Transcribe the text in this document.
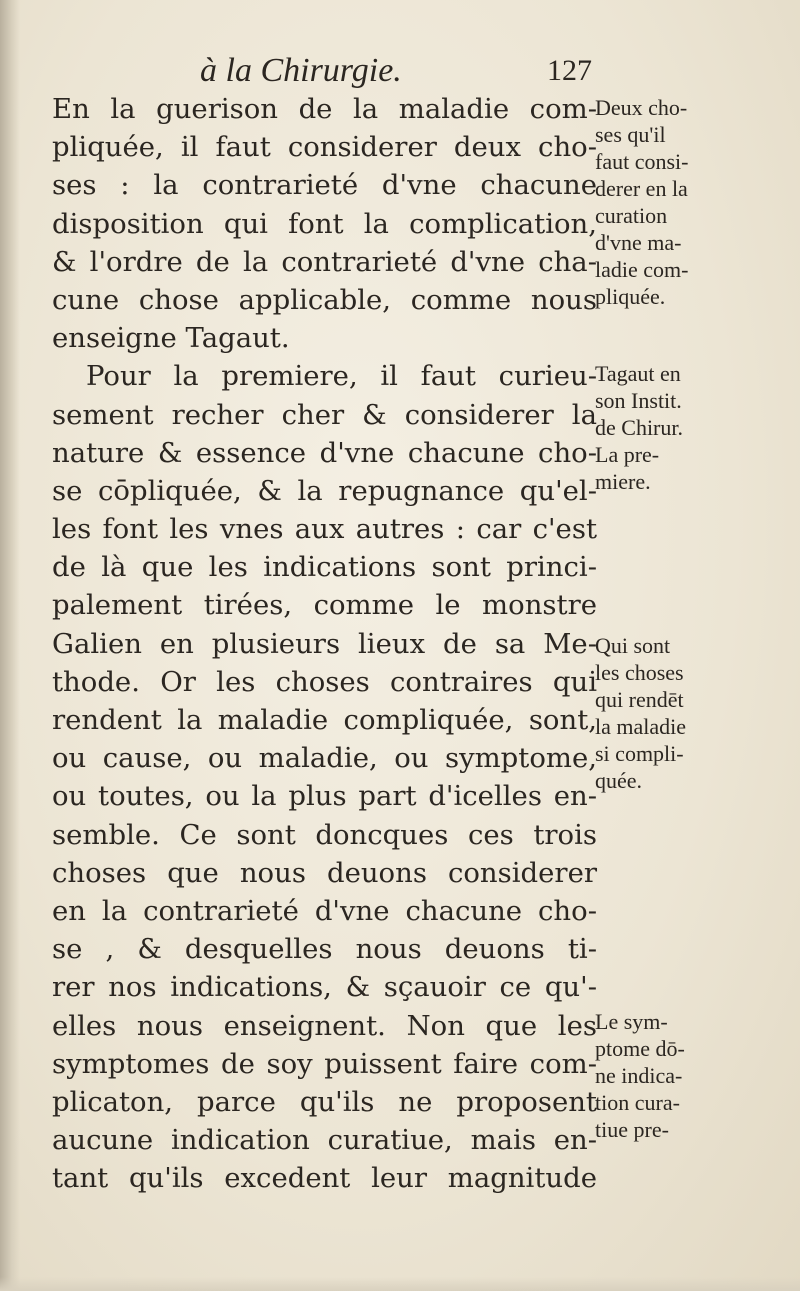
à la Chirurgie.	127
En la guerison de la maladie com-
pliquée, il faut considerer deux cho-
ses : la contrarieté d'vne chacune
disposition qui font la complication,
& l'ordre de la contrarieté d'vne cha-
cune chose applicable, comme nous
enseigne Tagaut.
Pour la premiere, il faut curieu-
sement recher cher & considerer la
nature & essence d'vne chacune cho-
se cōpliquée, & la repugnance qu'el-
les font les vnes aux autres : car c'est
de là que les indications sont princi-
palement tirées, comme le monstre
Galien en plusieurs lieux de sa Me-
thode. Or les choses contraires qui
rendent la maladie compliquée, sont,
ou cause, ou maladie, ou symptome,
ou toutes, ou la plus part d'icelles en-
semble. Ce sont doncques ces trois
choses que nous deuons considerer
en la contrarieté d'vne chacune cho-
se , & desquelles nous deuons ti-
rer nos indications, & sçauoir ce qu'-
elles nous enseignent. Non que les
symptomes de soy puissent faire com-
plicaton, parce qu'ils ne proposent
aucune indication curatiue, mais en-
tant qu'ils excedent leur magnitude
Deux cho-
ses qu'il
faut consi-
derer en la
curation
d'vne ma-
ladie com-
pliquée.
Tagaut en
son Instit.
de Chirur.
La pre-
miere.
Qui sont
les choses
qui rendēt
la maladie
si compli-
quée.
Le sym-
ptome dō-
ne indica-
tion cura-
tiue pre-
